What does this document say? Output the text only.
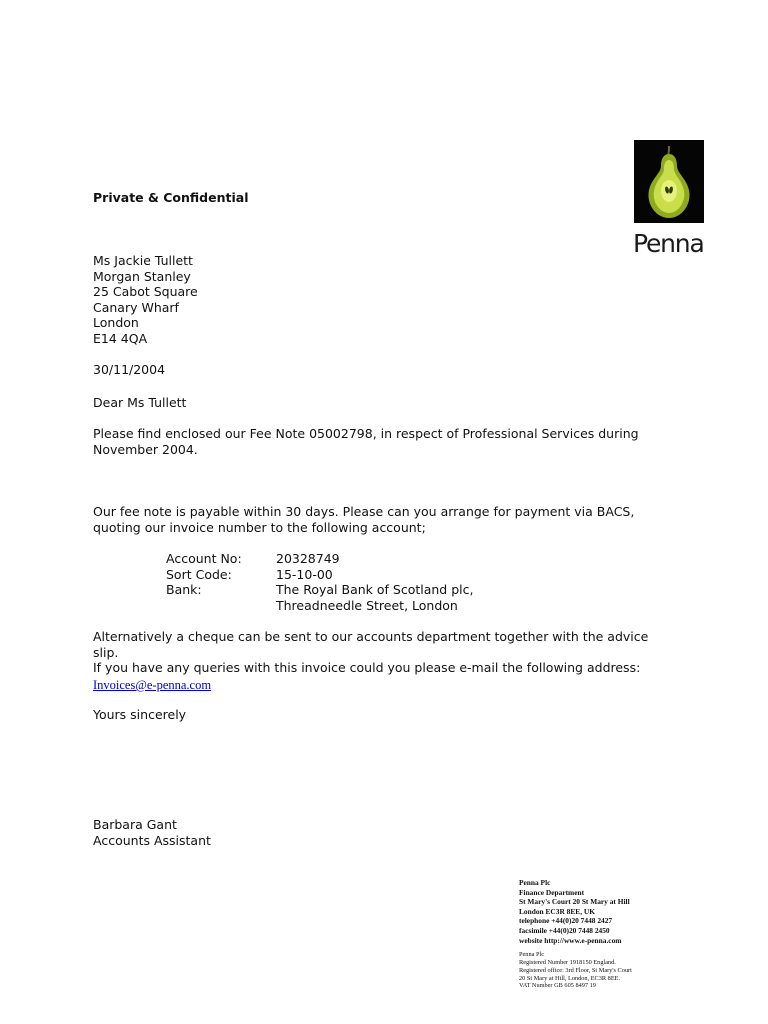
Penna
Private & Confidential
Ms Jackie Tullett
Morgan Stanley
25 Cabot Square
Canary Wharf
London
E14 4QA
30/11/2004
Dear Ms Tullett
Please find enclosed our Fee Note 05002798, in respect of Professional Services during
November 2004.
Our fee note is payable within 30 days. Please can you arrange for payment via BACS,
quoting our invoice number to the following account;
Account No:	20328749
Sort Code:	15-10-00
Bank:	The Royal Bank of Scotland plc,
Threadneedle Street, London
Alternatively a cheque can be sent to our accounts department together with the advice
slip.
If you have any queries with this invoice could you please e-mail the following address:
Invoices@e-penna.com
Yours sincerely
Barbara Gant
Accounts Assistant
Penna Plc
Finance Department
St Mary's Court 20 St Mary at Hill
London EC3R 8EE, UK
telephone +44(0)20 7448 2427
facsimile +44(0)20 7448 2450
website http://www.e-penna.com
Penna Plc
Registered Number 1918150 England.
Registered office: 3rd Floor, St Mary's Court
20 St Mary at Hill, London, EC3R 8EE.
VAT Number GB 605 8497 19
